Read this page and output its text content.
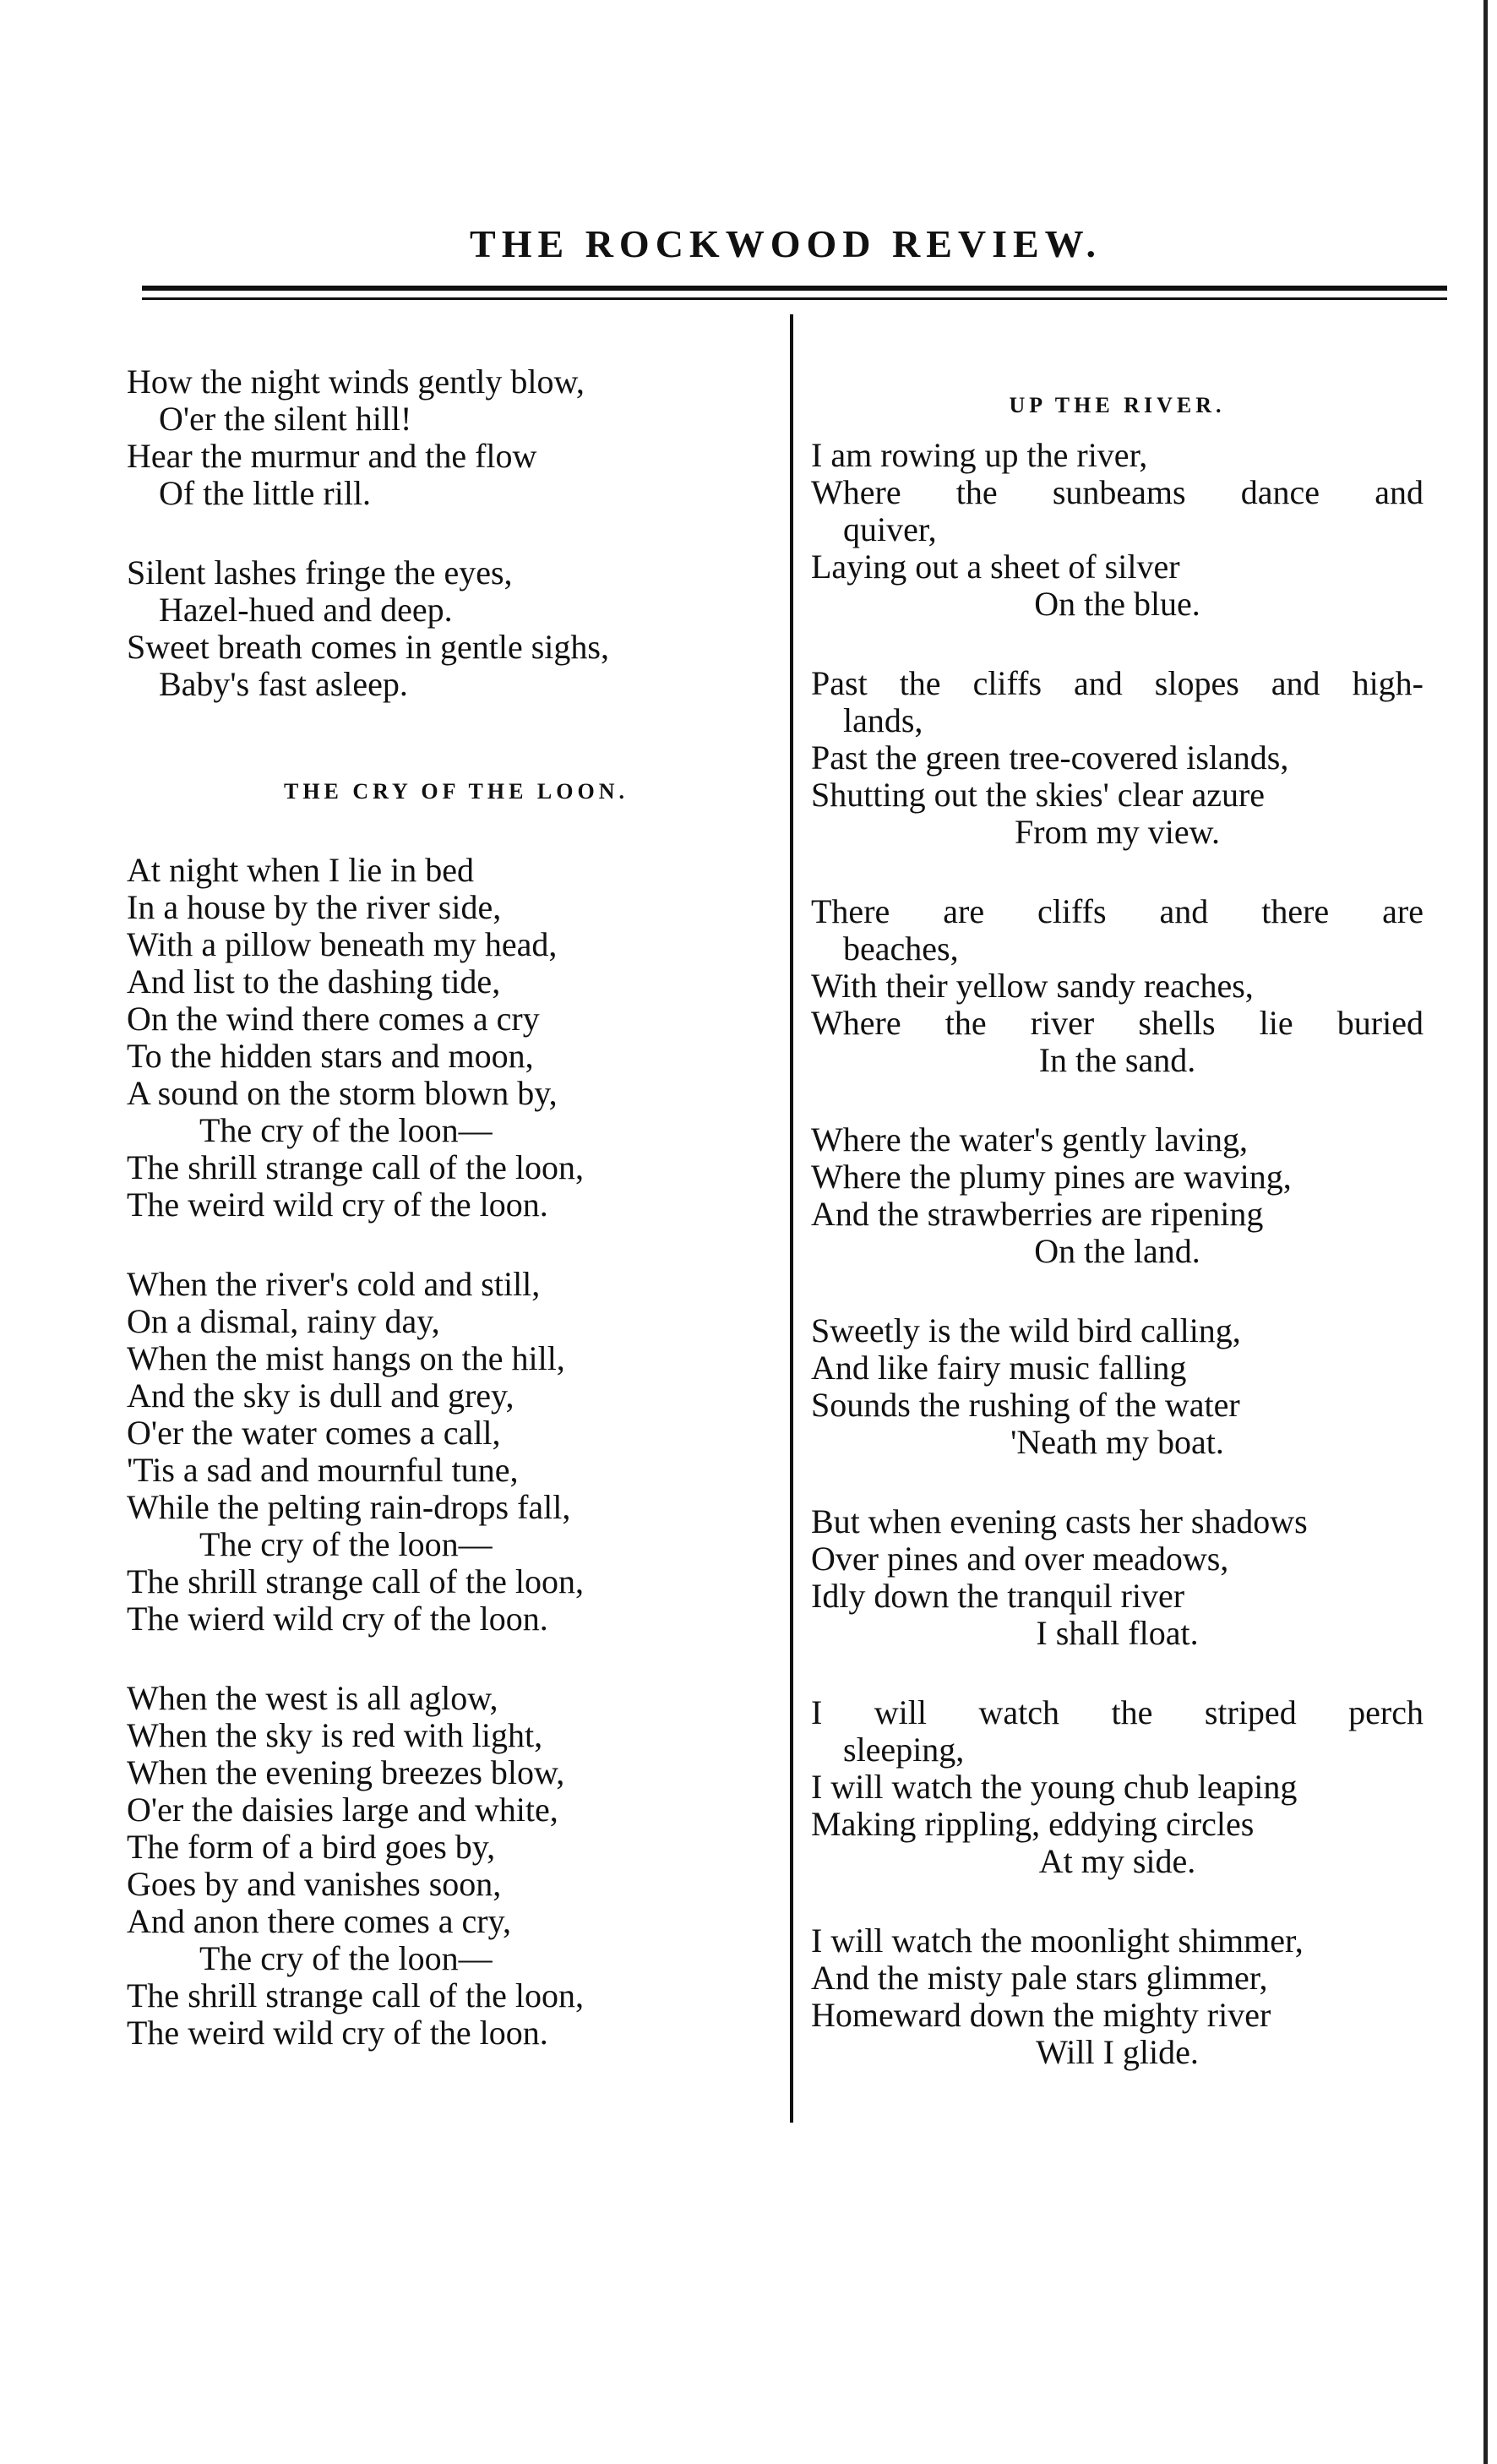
THE ROCKWOOD REVIEW.
How the night winds gently blow,
O'er the silent hill!
Hear the murmur and the flow
Of the little rill.
Silent lashes fringe the eyes,
Hazel-hued and deep.
Sweet breath comes in gentle sighs,
Baby's fast asleep.
THE CRY OF THE LOON.
At night when I lie in bed
In a house by the river side,
With a pillow beneath my head,
And list to the dashing tide,
On the wind there comes a cry
To the hidden stars and moon,
A sound on the storm blown by,
The cry of the loon—
The shrill strange call of the loon,
The weird wild cry of the loon.
When the river's cold and still,
On a dismal, rainy day,
When the mist hangs on the hill,
And the sky is dull and grey,
O'er the water comes a call,
'Tis a sad and mournful tune,
While the pelting rain-drops fall,
The cry of the loon—
The shrill strange call of the loon,
The wierd wild cry of the loon.
When the west is all aglow,
When the sky is red with light,
When the evening breezes blow,
O'er the daisies large and white,
The form of a bird goes by,
Goes by and vanishes soon,
And anon there comes a cry,
The cry of the loon—
The shrill strange call of the loon,
The weird wild cry of the loon.
UP THE RIVER.
I am rowing up the river,
Where the sunbeams dance and
quiver,
Laying out a sheet of silver
On the blue.
Past the cliffs and slopes and high-
lands,
Past the green tree-covered islands,
Shutting out the skies' clear azure
From my view.
There are cliffs and there are
beaches,
With their yellow sandy reaches,
Where the river shells lie buried
In the sand.
Where the water's gently laving,
Where the plumy pines are waving,
And the strawberries are ripening
On the land.
Sweetly is the wild bird calling,
And like fairy music falling
Sounds the rushing of the water
'Neath my boat.
But when evening casts her shadows
Over pines and over meadows,
Idly down the tranquil river
I shall float.
I will watch the striped perch
sleeping,
I will watch the young chub leaping
Making rippling, eddying circles
At my side.
I will watch the moonlight shimmer,
And the misty pale stars glimmer,
Homeward down the mighty river
Will I glide.
